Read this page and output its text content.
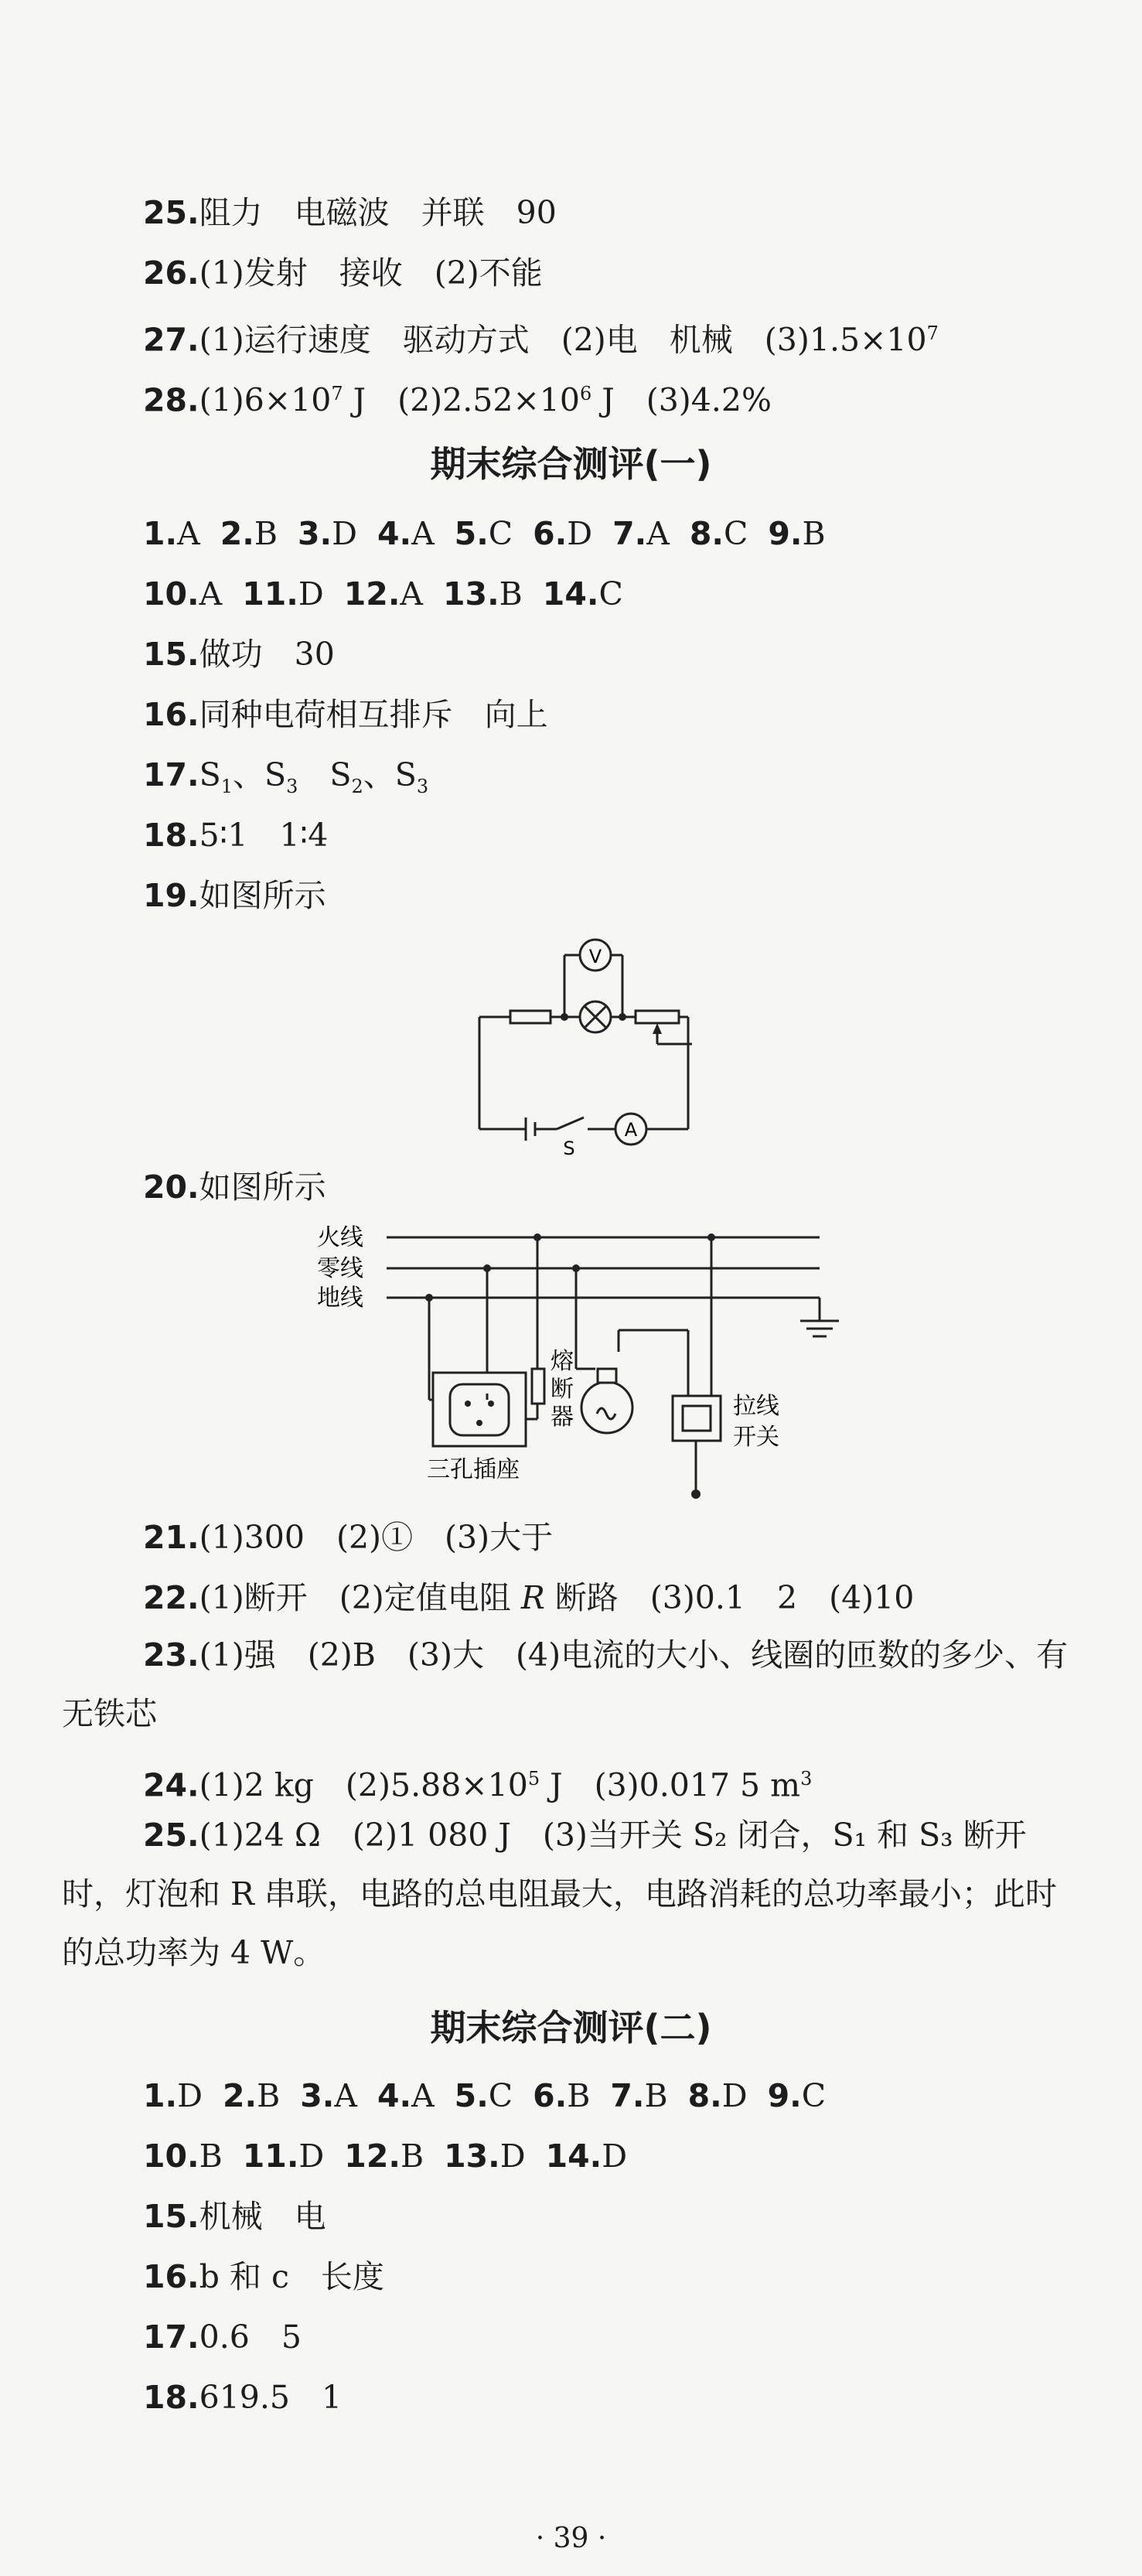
25.阻力　电磁波　并联　90
26.(1)发射　接收　(2)不能
27.(1)运行速度　驱动方式　(2)电　机械　$(3)1.5\times 10^7$
$28.(1)6\times 10^7$ J　$(2)2.52\times 10^6$ J　(3)4.2%
期末综合测评(一)
1.A 2.B 3.D 4.A 5.C 6.D 7.A 8.C 9.B
10.A 11.D 12.A 13.B 14.C
15.做功　30
16.同种电荷相互排斥　向上
$17.S_1$、$S_3$　$S_2$、$S_3$
18.5∶1　1∶4
19.如图所示
V
A
S
20.如图所示
火线
零线
地线
三孔插座
熔
断
器	拉线
开关
21.(1)300　(2)①　(3)大于
22.(1)断开　(2)定值电阻 R 断路　(3)0.1　2　(4)10
23.(1)强　(2)B　(3)大　(4)电流的大小、线圈的匝数的多少、有无铁芯
24.(1)2 kg　$(2)5.88\times 10^5$ J　(3)0.017 5 $m^3$
25.(1)24 Ω　(2)1 080 J　(3)当开关 S₂ 闭合，S₁ 和 S₃ 断开时，灯泡和 R 串联，电路的总电阻最大，电路消耗的总功率最小；此时的总功率为 4 W。
期末综合测评(二)
1.D 2.B 3.A 4.A 5.C 6.B 7.B 8.D 9.C
10.B 11.D 12.B 13.D 14.D
15.机械　电
16.b 和 c　长度
17.0.6　5
18.619.5　1
· 39 ·
